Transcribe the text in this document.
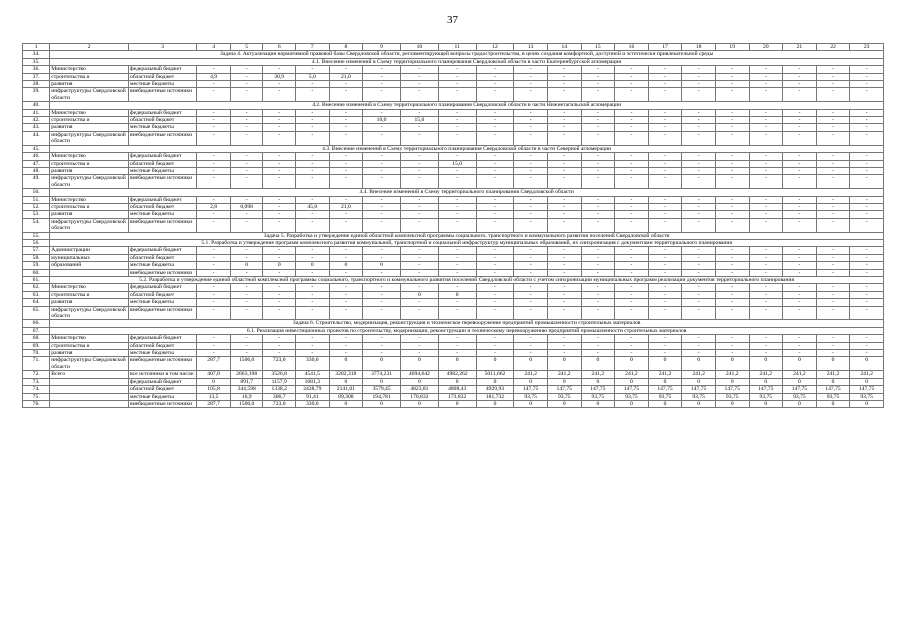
37
1	2	3	4	5	6	7	8	9	10	11	12	13	14	15	16	17	18	19	20	21	22	23
34.	Задача 4. Актуализация нормативной правовой базы Свердловской области, регламентирующей вопросы градостроительства, в целях создания комфортной, доступной и эстетически привлекательной среды																					
35.	4.1. Внесение изменений в Схему территориального планирования Свердловской области в части Екатеринбургской агломерации																					
36.	Министерство	федеральный бюджет	-	-	-	-	-	-	-	-	-	-	-	-	-	-	-	-	-	-	-	-
37.	строительства и	областной бюджет	4,9	-	30,9	5,0	21,0	-	-	-	-	-	-	-	-	-	-	-	-	-	-	-
38.	развития	местные бюджеты	-	-	-	-	-	-	-	-	-	-	-	-	-	-	-	-	-	-	-	-
39.	инфраструктуры Свердловской области	внебюджетные источники	-	-	-	-	-	-	-	-	-	-	-	-	-	-	-	-	-	-	-	-
40.	4.2. Внесение изменений в Схему территориального планирования Свердловской области в части Нижнетагильской агломерации																					
41.	Министерство	федеральный бюджет	-	-	-	-	-	-	-	-	-	-	-	-	-	-	-	-	-	-	-	-
42.	строительства и	областной бюджет	-	-	-	-	-	10,0	15,0	-	-	-	-	-	-	-	-	-	-	-	-	-
43.	развития	местные бюджеты	-	-	-	-	-	-	-	-	-	-	-	-	-	-	-	-	-	-	-	-
44.	инфраструктуры Свердловской области	внебюджетные источники	-	-	-	-	-	-	-	-	-	-	-	-	-	-	-	-	-	-	-	-
45.	4.3. Внесение изменений в Схему территориального планирования Свердловской области в части Северной агломерации																					
46.	Министерство	федеральный бюджет	-	-	-	-	-	-	-	-	-	-	-	-	-	-	-	-	-	-	-	-
47.	строительства и	областной бюджет	-	-	-	-	-	-	-	15,0	-	-	-	-	-	-	-	-	-	-	-	-
48.	развития	местные бюджеты	-	-	-	-	-	-	-	-	-	-	-	-	-	-	-	-	-	-	-	-
49.	инфраструктуры Свердловской области	внебюджетные источники	-	-	-	-	-	-	-	-	-	-	-	-	-	-	-	-	-	-	-	-
50.	4.4. Внесение изменений в Схему территориального планирования Свердловской области																					
51.	Министерство	федеральный бюджет	-	-	-	-	-	-	-	-	-	-	-	-	-	-	-	-	-	-	-	-
52.	строительства и	областной бюджет	2,8	0,098	-	45,0	21,0	-	-	-	-	-	-	-	-	-	-	-	-	-	-	-
53.	развития	местные бюджеты	-	-	-	-	-	-	-	-	-	-	-	-	-	-	-	-	-	-	-	-
54.	инфраструктуры Свердловской области	внебюджетные источники	-	-	-	-	-	-	-	-	-	-	-	-	-	-	-	-	-	-	-	-
55.	Задача 5. Разработка и утверждение единой областной комплексной программы социального, транспортного и коммунального развития поселений Свердловской области																					
56.	5.1. Разработка и утверждение программ комплексного развития коммунальной, транспортной и социальной инфраструктур муниципальных образований, их синхронизация с документами территориального планирования																					
57.	Администрации	федеральный бюджет	-	-	-	-	-	-	-	-	-	-	-	-	-	-	-	-	-	-	-	-
58.	муниципальных	областной бюджет	-	-	-	-	-	-	-	-	-	-	-	-	-	-	-	-	-	-	-	-
59.	образований	местные бюджеты	-	0	0	0	0	0	-	-	-	-	-	-	-	-	-	-	-	-	-	-
60.		внебюджетные источники	-	-	-	-	-	-	-	-	-	-	-	-	-	-	-	-	-	-	-	-
61.	5.2. Разработка и утверждение единой областной комплексной программы социального, транспортного и коммунального развития поселений Свердловской области с учетом синхронизации муниципальных программ реализации документов территориального планирования																					
62.	Министерство	федеральный бюджет	-	-	-	-	-	-	-	-	-	-	-	-	-	-	-	-	-	-	-	-
63.	строительства и	областной бюджет	-	-	-	-	-	-	0	0	-	-	-	-	-	-	-	-	-	-	-	-
64.	развития	местные бюджеты	-	-	-	-	-	-	-	-	-	-	-	-	-	-	-	-	-	-	-	-
65.	инфраструктуры Свердловской области	внебюджетные источники	-	-	-	-	-	-	-	-	-	-	-	-	-	-	-	-	-	-	-	-
66.	Задача 6. Строительство, модернизация, реконструкция и техническое перевооружение предприятий промышленности строительных материалов																					
67.	6.1. Реализация инвестиционных проектов по строительству, модернизации, реконструкции и техническому перевооружению предприятий промышленности строительных материалов																					
68.	Министерство	федеральный бюджет	-	-	-	-	-	-	-	-	-	-	-	-	-	-	-	-	-	-	-	-
69.	строительства и	областной бюджет	-	-	-	-	-	-	-	-	-	-	-	-	-	-	-	-	-	-	-	-
70.	развития	местные бюджеты	-	-	-	-	-	-	-	-	-	-	-	-	-	-	-	-	-	-	-	-
71.	инфраструктуры Свердловской области	внебюджетные источники	287,7	1506,0	723,0	330,0	0	0	0	0	0	0	0	0	0	0	0	0	0	0	0	0
72.	Всего	все источники в том числе:	407,0	2663,198	3526,8	4541,5	3282,318	3774,231	4694,642	4982,262	5011,662	241,2	241,2	241,2	241,2	241,2	241,2	241,2	241,2	241,2	241,2	241,2
73.		федеральный бюджет	0	891,7	1157,9	1681,3	0	0	0	0	0	0	0	0	0	0	0	0	0	0	0	0
74.		областной бюджет	105,8	344,598	1338,2	2438,79	2141,01	3579,45	4823,81	4808,43	4929,93	147,75	147,75	147,75	147,75	147,75	147,75	147,75	147,75	147,75	147,75	147,75
75.		местные бюджеты	13,5	16,9	306,7	91,41	89,308	194,781	170,832	173,832	181,732	93,75	93,75	93,75	93,75	93,75	93,75	93,75	93,75	93,75	93,75	93,75
76.		внебюджетные источники	287,7	1506,0	723,0	330,0	0	0	0	0	0	0	0	0	0	0	0	0	0	0	0	0
